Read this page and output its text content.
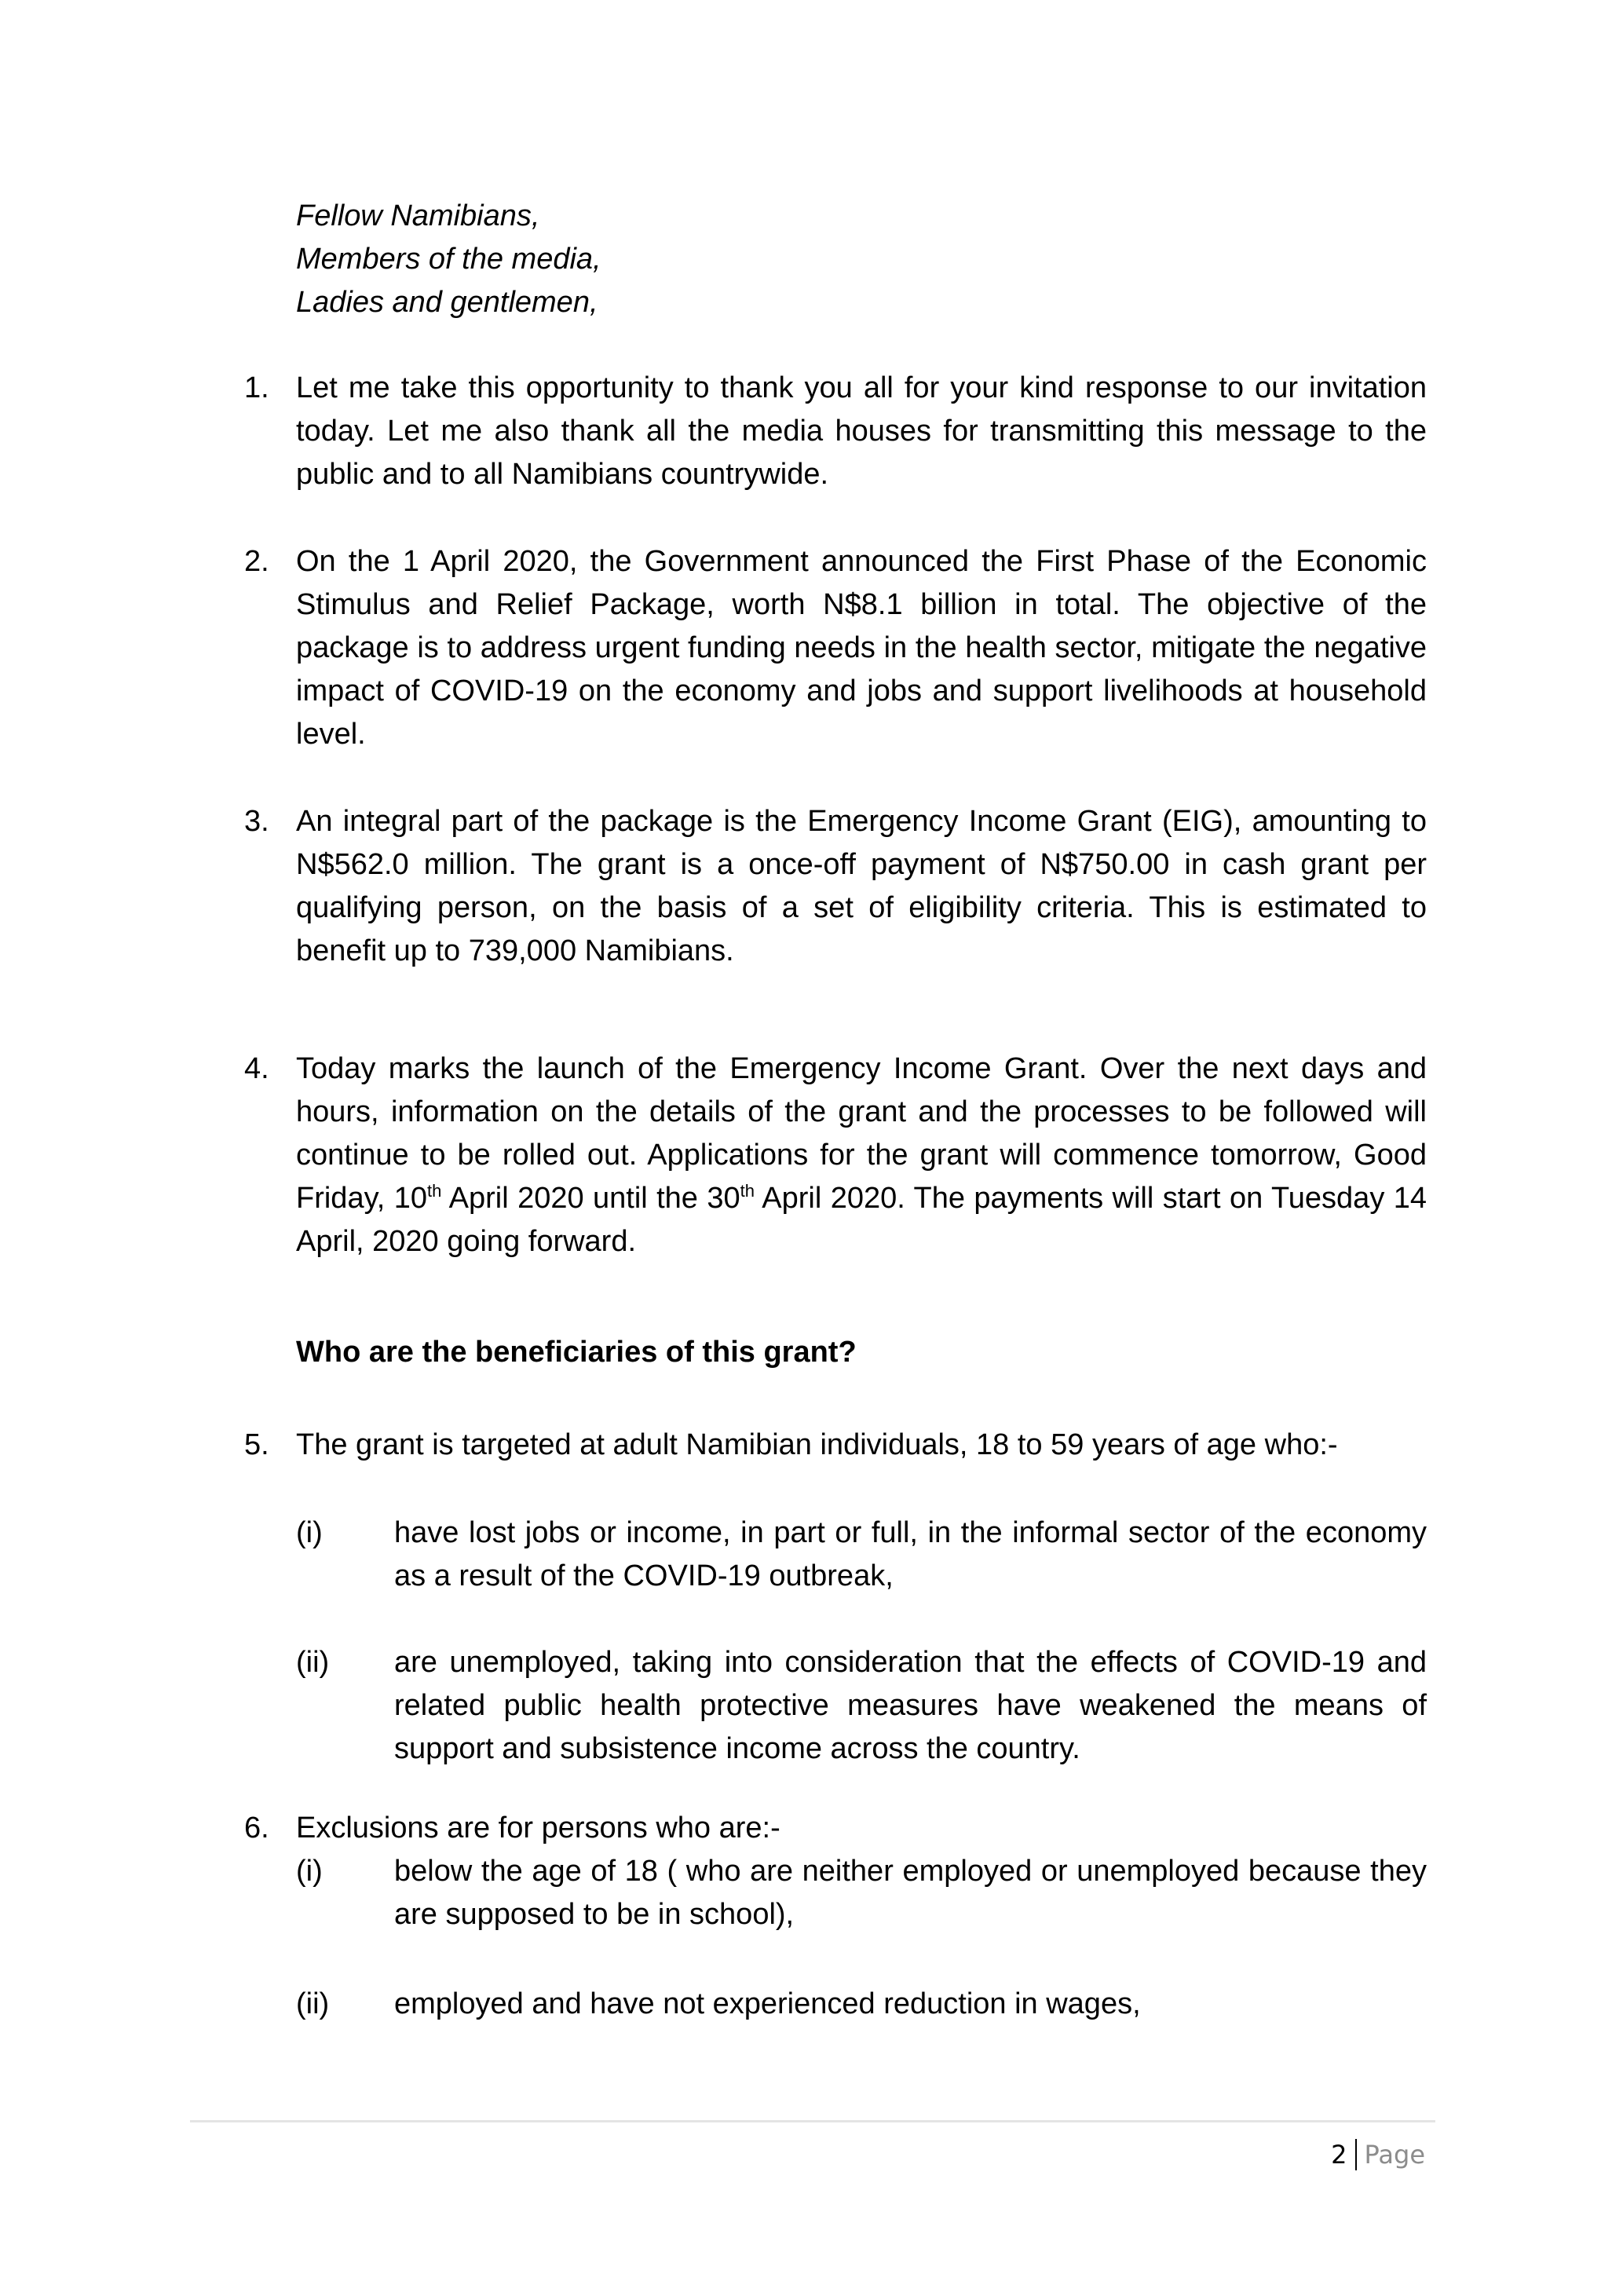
Fellow Namibians,
Members of the media,
Ladies and gentlemen,
1. Let me take this opportunity to thank you all for your kind response to our invitation today. Let me also thank all the media houses for transmitting this message to the public and to all Namibians countrywide.
2. On the 1 April 2020, the Government announced the First Phase of the Economic Stimulus and Relief Package, worth N$8.1 billion in total. The objective of the package is to address urgent funding needs in the health sector, mitigate the negative impact of COVID-19 on the economy and jobs and support livelihoods at household level.
3. An integral part of the package is the Emergency Income Grant (EIG), amounting to N$562.0 million. The grant is a once-off payment of N$750.00 in cash grant per qualifying person, on the basis of a set of eligibility criteria. This is estimated to benefit up to 739,000 Namibians.
4. Today marks the launch of the Emergency Income Grant. Over the next days and hours, information on the details of the grant and the processes to be followed will continue to be rolled out. Applications for the grant will commence tomorrow, Good Friday, 10th April 2020 until the 30th April 2020. The payments will start on Tuesday 14 April, 2020 going forward.
Who are the beneficiaries of this grant?
5. The grant is targeted at adult Namibian individuals, 18 to 59 years of age who:-
(i) have lost jobs or income, in part or full, in the informal sector of the economy as a result of the COVID-19 outbreak,
(ii) are unemployed, taking into consideration that the effects of COVID-19 and related public health protective measures have weakened the means of support and subsistence income across the country.
6. Exclusions are for persons who are:-
(i) below the age of 18 ( who are neither employed or unemployed because they are supposed to be in school),
(ii) employed and have not experienced reduction in wages,
2 Page
